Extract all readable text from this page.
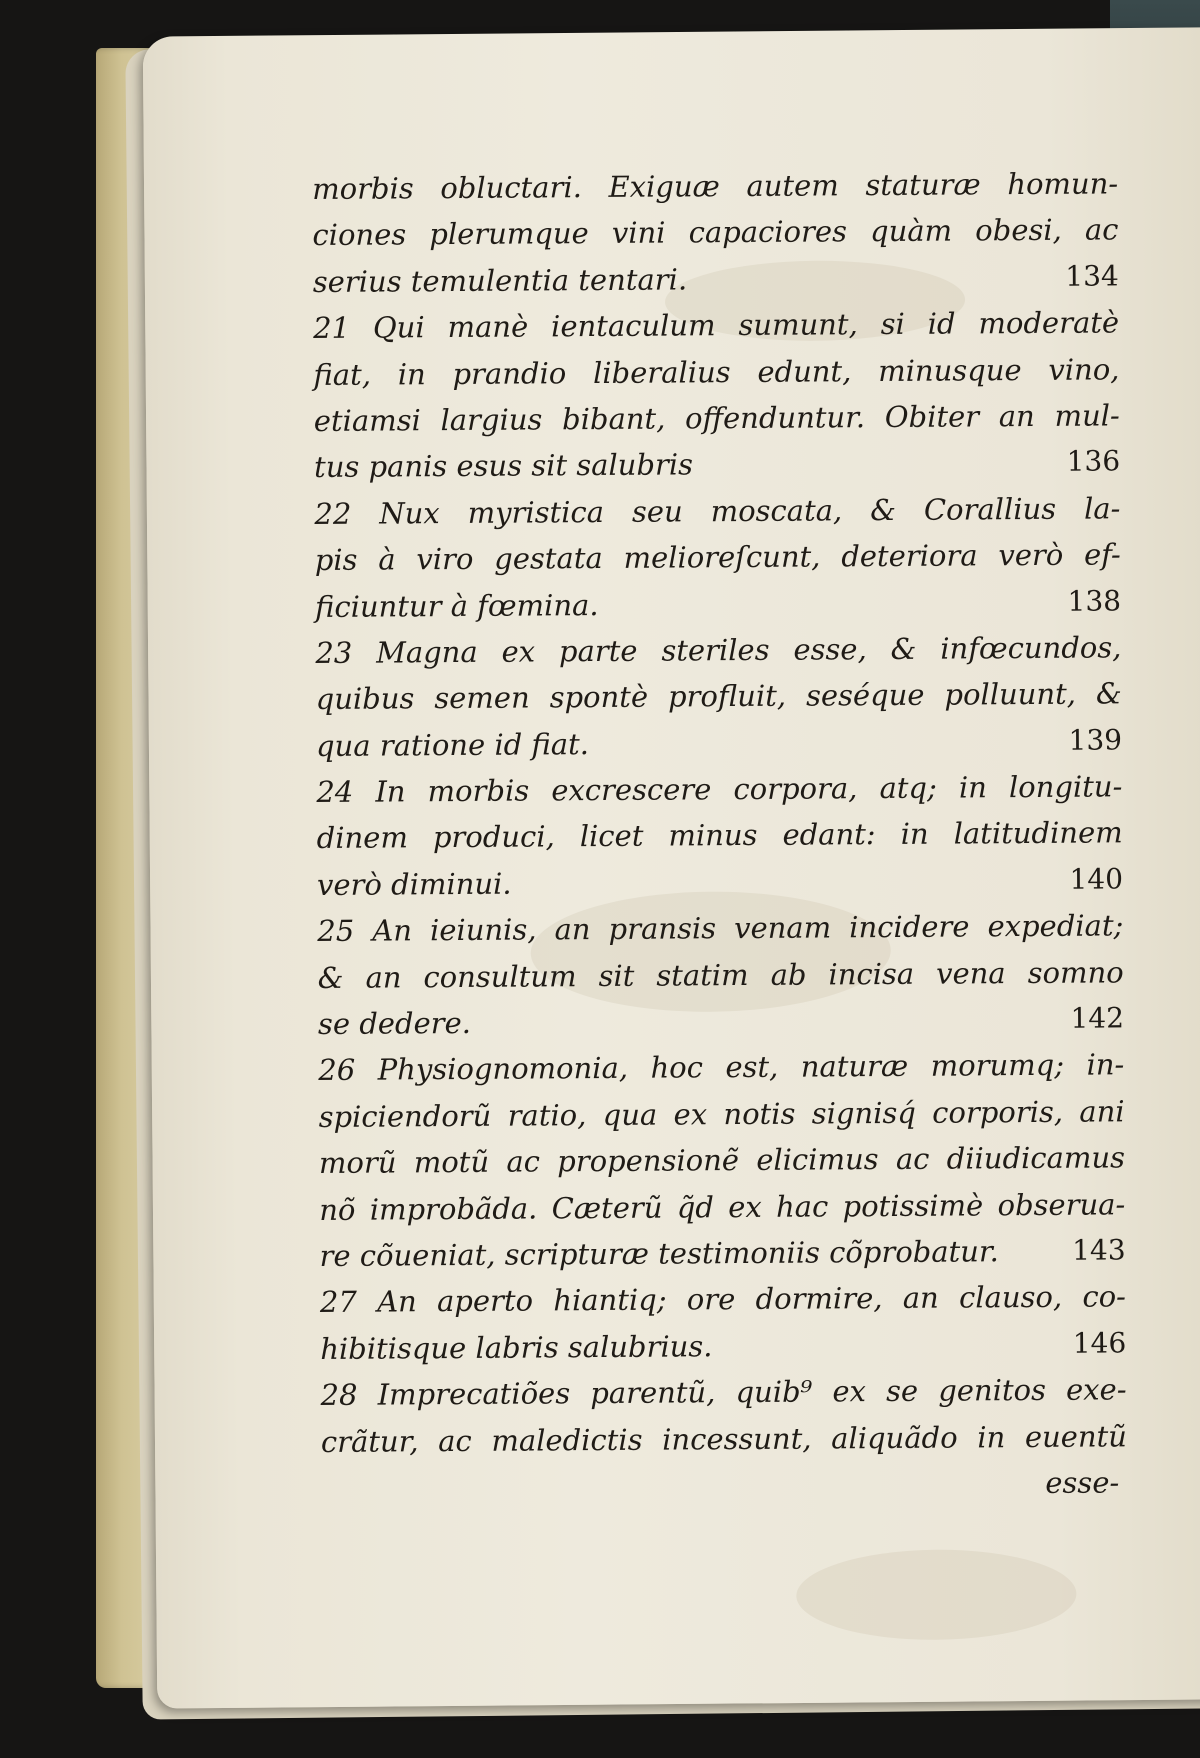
morbis obluctari. Exiguæ autem staturæ homun-
ciones plerumque vini capaciores quàm obesi, ac
serius temulentia tentari.	134
21 Qui manè ientaculum sumunt, si id moderatè
fiat, in prandio liberalius edunt, minusque vino,
etiamsi largius bibant, offenduntur. Obiter an mul-
tus panis esus sit salubris	136
22 Nux myristica seu moscata, & Corallius la-
pis à viro gestata melioreſcunt, deteriora verò ef-
ficiuntur à fœmina.	138
23 Magna ex parte steriles esse, & infœcundos,
quibus semen spontè profluit, seséque polluunt, &
qua ratione id fiat.	139
24 In morbis excrescere corpora, atq; in longitu-
dinem produci, licet minus edant: in latitudinem
verò diminui.	140
25 An ieiunis, an pransis venam incidere expediat;
& an consultum sit statim ab incisa vena somno
se dedere.	142
26 Physiognomonia, hoc est, naturæ morumq; in-
spiciendorũ ratio, qua ex notis signisq́ corporis, ani
morũ motũ ac propensionẽ elicimus ac diiudicamus
nõ improbãda. Cæterũ q̃d ex hac potissimè obserua-
re cõueniat, scripturæ testimoniis cõprobatur.	143
27 An aperto hiantiq; ore dormire, an clauso, co-
hibitisque labris salubrius.	146
28 Imprecatiões parentũ, quib⁹ ex se genitos exe-
crãtur, ac maledictis incessunt, aliquãdo in euentũ
esse-
